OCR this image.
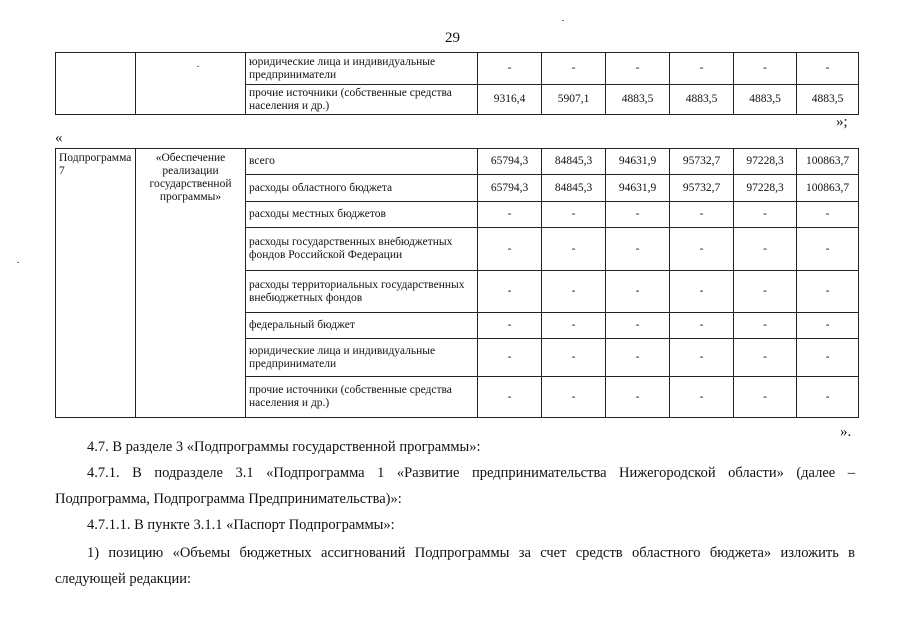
29
		юридические лица и индивидуальные предприниматели	-	-	-	-	-	-
		прочие источники (собственные средства населения и др.)	9316,4	5907,1	4883,5	4883,5	4883,5	4883,5
»;
«
Подпрограмма 7	«Обеспечение реализации государственной программы»	всего	65794,3	84845,3	94631,9	95732,7	97228,3	100863,7
		расходы областного бюджета	65794,3	84845,3	94631,9	95732,7	97228,3	100863,7
		расходы местных бюджетов	-	-	-	-	-	-
		расходы государственных внебюджетных фондов Российской Федерации	-	-	-	-	-	-
		расходы территориальных государственных внебюджетных фондов	-	-	-	-	-	-
		федеральный бюджет	-	-	-	-	-	-
		юридические лица и индивидуальные предприниматели	-	-	-	-	-	-
		прочие источники (собственные средства населения и др.)	-	-	-	-	-	-
».
4.7. В разделе 3 «Подпрограммы государственной программы»:
4.7.1. В подразделе 3.1 «Подпрограмма 1 «Развитие предпринимательства Нижегородской области» (далее – Подпрограмма, Подпрограмма Предпринимательства)»:
4.7.1.1. В пункте 3.1.1 «Паспорт Подпрограммы»:
1) позицию «Объемы бюджетных ассигнований Подпрограммы за счет средств областного бюджета» изложить в следующей редакции:
